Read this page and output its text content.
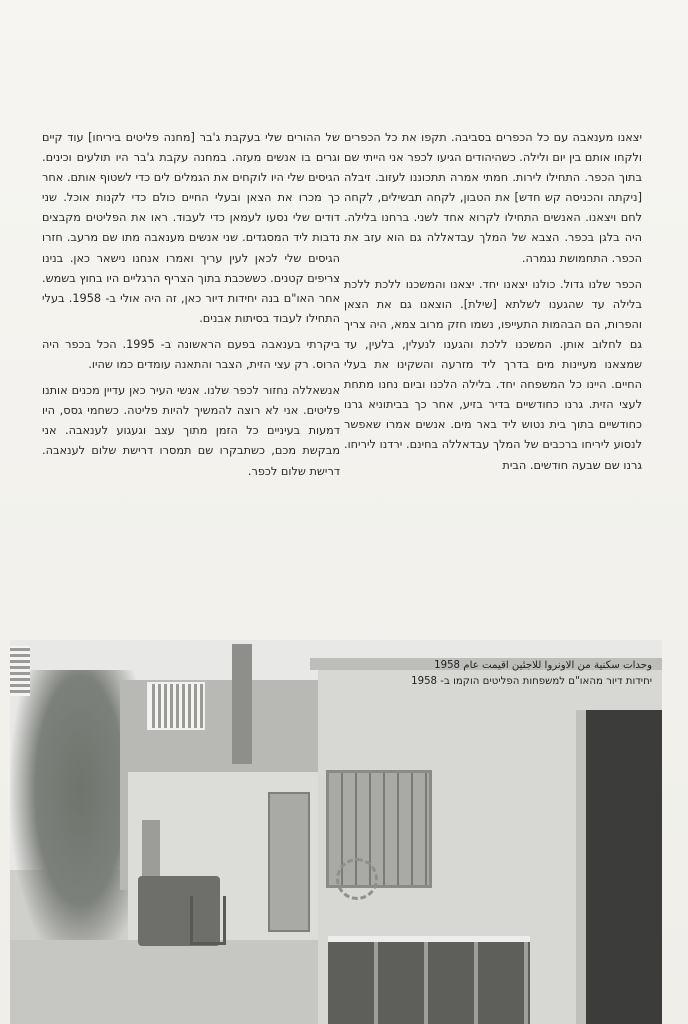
יצאנו מענאבה עם כל הכפרים בסביבה. תקפו את כל הכפרים ולקחו אותם בין יום ולילה. כשהיהודים הגיעו לכפר אני הייתי שם בתוך הכפר. התחילו לירות. חמתי אמרה תתכוננו לעזוב. זיבלה [ניקתה והכניסה קש חדש] את הטבון, לקחה תבשילים, לקחה לחם ויצאנו. האנשים התחילו לקרוא אחד לשני. ברחנו בלילה. היה בלגן בכפר. הצבא של המלך עבדאללה גם הוא עזב את הכפר. התחמושת נגמרה.

הכפר שלנו גדול. כולנו יצאנו יחד. יצאנו והמשכנו ללכת ללכת בלילה עד שהגענו לשלתא [שילת]. הוצאנו גם את הצאן והפרות, הם הבהמות התעייפו, נשמו חזק מרוב צמא, היה צריך גם לחלוב אותן. המשכנו ללכת והגענו לנעלין, בלעין, עד שמצאנו מעיינות מים בדרך ליד מזרעה והשקינו את בעלי החיים. היינו כל המשפחה יחד. בלילה הלכנו וביום נחנו מתחת לעצי הזית. גרנו כחודשיים בדיר בזיע, אחר כך בביתוניא גרנו כחודשיים בתוך בית נטוש ליד באר מים. אנשים אמרו שאפשר לנסוע ליריחו ברכבים של המלך עבדאללה בחינם. ירדנו ליריחו. גרנו שם שבעה חודשים. הבית

של ההורים שלי בעקבת ג'בר [מחנה פליטים ביריחו] עוד קיים וגרים בו אנשים מעזה. במחנה עקבת ג'בר היו תולעים וכינים. הגיסים שלי היו לוקחים את הגמלים לים כדי לשטוף אותם. אחר כך מכרו את הצאן ובעלי החיים כולם כדי לקנות אוכל. שני דודים שלי נסעו לעמאן כדי לעבוד. ראו את הפליטים מקבצים נדבות ליד המסגדים. שני אנשים מענאבה מתו שם מרעב. חזרו הגיסים שלי לכאן לעין עריך ואמרו אנחנו נישאר כאן. בנינו צריפים קטנים. כששכבת בתוך הצריף הרגליים היו בחוץ בשמש. אחר האו"ם בנה יחידות דיור כאן, זה היה אולי ב- 1958. בעלי התחילו לעבוד בסיתות אבנים.

ביקרתי בענאבה בפעם הראשונה ב- 1995. הכל בכפר היה הרוס. רק עצי הזית, הצבר והתאנה עומדים כמו שהיו.

אנשאללה נחזור לכפר שלנו. אנשי העיר כאן עדיין מכנים אותנו פליטים. אני לא רוצה להמשיך להיות פליטה. כשחמי גסס, היו דמעות בעיניים כל הזמן מתוך עצב וגעגוע לענאבה. אני מבקשת מכם, כשתבקרו שם תמסרו דרישת שלום לענאבה. דרישת שלום לכפר.

وحدات سكنية من الاونروا للاجئين اقيمت عام 1958
יחידות דיור מהאו"ם למשפחות הפליטים הוקמו ב- 1958
